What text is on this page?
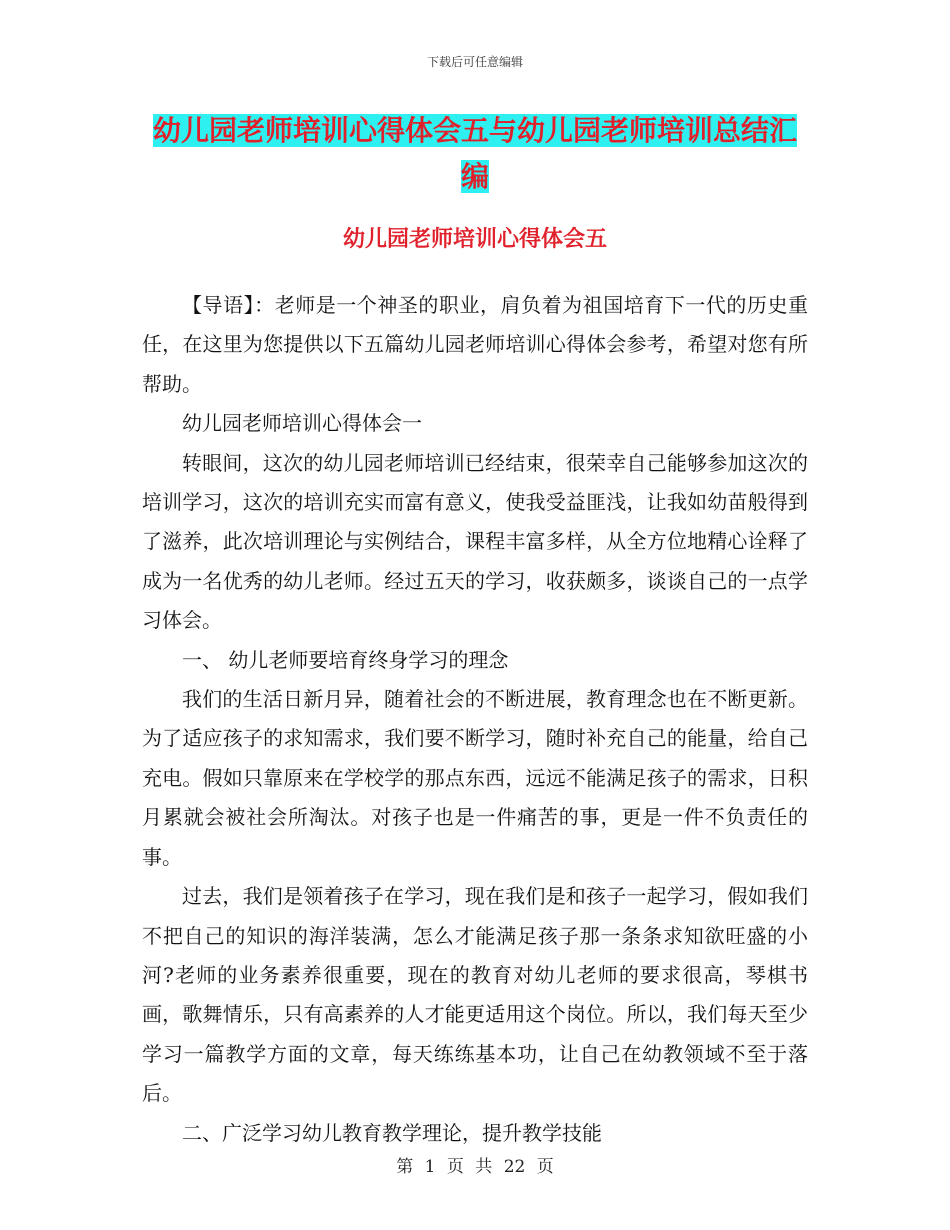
下载后可任意编辑
幼儿园老师培训心得体会五与幼儿园老师培训总结汇
编
幼儿园老师培训心得体会五

【导语】：老师是一个神圣的职业，肩负着为祖国培育下一代的历史重任，在这里为您提供以下五篇幼儿园老师培训心得体会参考，希望对您有所帮助。

幼儿园老师培训心得体会一

转眼间，这次的幼儿园老师培训已经结束，很荣幸自己能够参加这次的培训学习，这次的培训充实而富有意义，使我受益匪浅，让我如幼苗般得到了滋养，此次培训理论与实例结合，课程丰富多样，从全方位地精心诠释了成为一名优秀的幼儿老师。经过五天的学习，收获颇多，谈谈自己的一点学习体会。

一、 幼儿老师要培育终身学习的理念

我们的生活日新月异，随着社会的不断进展，教育理念也在不断更新。为了适应孩子的求知需求，我们要不断学习，随时补充自己的能量，给自己充电。假如只靠原来在学校学的那点东西，远远不能满足孩子的需求，日积月累就会被社会所淘汰。对孩子也是一件痛苦的事，更是一件不负责任的事。

过去，我们是领着孩子在学习，现在我们是和孩子一起学习，假如我们不把自己的知识的海洋装满，怎么才能满足孩子那一条条求知欲旺盛的小河?老师的业务素养很重要，现在的教育对幼儿老师的要求很高，琴棋书画，歌舞情乐，只有高素养的人才能更适用这个岗位。所以，我们每天至少学习一篇教学方面的文章，每天练练基本功，让自己在幼教领域不至于落后。

二、广泛学习幼儿教育教学理论，提升教学技能

第 1 页 共 22 页
